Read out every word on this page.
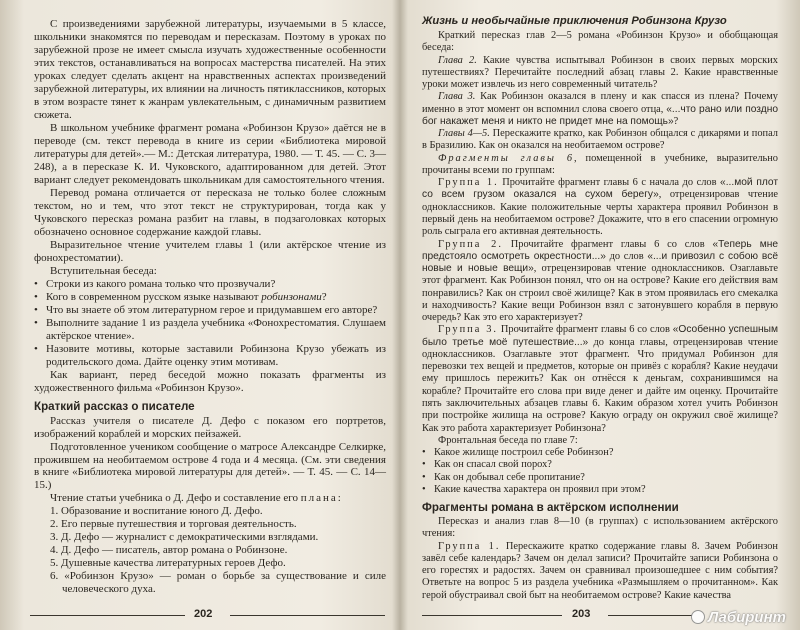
С произведениями зарубежной литературы, изучаемыми в 5 классе, школьники знакомятся по переводам и пересказам. Поэтому в уроках по зарубежной прозе не имеет смысла изучать художественные особенности этих текстов, останавливаться на вопросах мастерства писателей. На этих уроках следует сделать акцент на нравственных аспектах произведений зарубежной литературы, их влиянии на личность пятиклассников, которых в этом возрасте тянет к жанрам увлекательным, с динамичным развитием сюжета.

В школьном учебнике фрагмент романа «Робинзон Крузо» даётся не в переводе (см. текст перевода в книге из серии «Библиотека мировой литературы для детей».— М.: Детская литература, 1980. — Т. 45. — С. 3—248), а в пересказе К. И. Чуковского, адаптированном для детей. Этот вариант следует рекомендовать школьникам для самостоятельного чтения.

Перевод романа отличается от пересказа не только более сложным текстом, но и тем, что этот текст не структурирован, тогда как у Чуковского пересказ романа разбит на главы, в подзаголовках которых обозначено основное содержание каждой главы.

Выразительное чтение учителем главы 1 (или актёрское чтение из фонохрестоматии).

Вступительная беседа:

• Строки из какого романа только что прозвучали?
• Кого в современном русском языке называют робинзонами?
• Что вы знаете об этом литературном герое и придумавшем его авторе?
• Выполните задание 1 из раздела учебника «Фонохрестоматия. Слушаем актёрское чтение».
• Назовите мотивы, которые заставили Робинзона Крузо убежать из родительского дома. Дайте оценку этим мотивам.

Как вариант, перед беседой можно показать фрагменты из художественного фильма «Робинзон Крузо».

Краткий рассказ о писателе

Рассказ учителя о писателе Д. Дефо с показом его портретов, изображений кораблей и морских пейзажей.

Подготовленное учеником сообщение о матросе Александре Селкирке, прожившем на необитаемом острове 4 года и 4 месяца. (См. эти сведения в книге «Библиотека мировой литературы для детей». — Т. 45. — С. 14—15.)

Чтение статьи учебника о Д. Дефо и составление его плана:

1. Образование и воспитание юного Д. Дефо.
2. Его первые путешествия и торговая деятельность.
3. Д. Дефо — журналист с демократическими взглядами.
4. Д. Дефо — писатель, автор романа о Робинзоне.
5. Душевные качества литературных героев Дефо.
6. «Робинзон Крузо» — роман о борьбе за существование и силе человеческого духа.
202
Жизнь и необычайные приключения Робинзона Крузо

Краткий пересказ глав 2—5 романа «Робинзон Крузо» и обобщающая беседа:

Глава 2. Какие чувства испытывал Робинзон в своих первых морских путешествиях? Перечитайте последний абзац главы 2. Какие нравственные уроки может извлечь из него современный читатель?

Глава 3. Как Робинзон оказался в плену и как спасся из плена? Почему именно в этот момент он вспомнил слова своего отца, «...что рано или поздно бог накажет меня и никто не придет мне на помощь»?

Главы 4—5. Перескажите кратко, как Робинзон общался с дикарями и попал в Бразилию. Как он оказался на необитаемом острове?

Фрагменты главы 6, помещенной в учебнике, выразительно прочитаны всеми по группам:

Группа 1. Прочитайте фрагмент главы 6 с начала до слов «...мой плот со всем грузом оказался на сухом берегу», отрецензировав чтение одноклассников. Какие положительные черты характера проявил Робинзон в первый день на необитаемом острове? Докажите, что в его спасении огромную роль сыграла его активная деятельность.

Группа 2. Прочитайте фрагмент главы 6 со слов «Теперь мне предстояло осмотреть окрестности...» до слов «...и привозил с собою всё новые и новые вещи», отрецензировав чтение одноклассников. Озаглавьте этот фрагмент. Как Робинзон понял, что он на острове? Какие его действия вам понравились? Как он строил своё жилище? Как в этом проявилась его смекалка и находчивость? Какие вещи Робинзон взял с затонувшего корабля в первую очередь? Как это его характеризует?

Группа 3. Прочитайте фрагмент главы 6 со слов «Особенно успешным было третье моё путешествие...» до конца главы, отрецензировав чтение одноклассников. Озаглавьте этот фрагмент. Что придумал Робинзон для перевозки тех вещей и предметов, которые он привёз с корабля? Какие неудачи ему пришлось пережить? Как он отнёсся к деньгам, сохранившимся на корабле? Прочитайте его слова при виде денег и дайте им оценку. Прочитайте пять заключительных абзацев главы 6. Каким образом хотел учить Робинзон при постройке жилища на острове? Какую ограду он окружил своё жилище? Как это работа характеризует Робинзона?

Фронтальная беседа по главе 7:

• Какое жилище построил себе Робинзон?
• Как он спасал свой порох?
• Как он добывал себе пропитание?
• Какие качества характера он проявил при этом?
Фрагменты романа в актёрском исполнении

Пересказ и анализ глав 8—10 (в группах) с использованием актёрского чтения:

Группа 1. Перескажите кратко содержание главы 8. Зачем Робинзон завёл себе календарь? Зачем он делал записи? Прочитайте записи Робинзона о его горестях и радостях. Зачем он сравнивал произошедшее с ним события? Ответьте на вопрос 5 из раздела учебника «Размышляем о прочитанном». Как герой обустраивал свой быт на необитаемом острове? Какие качества

203	Лабиринт
